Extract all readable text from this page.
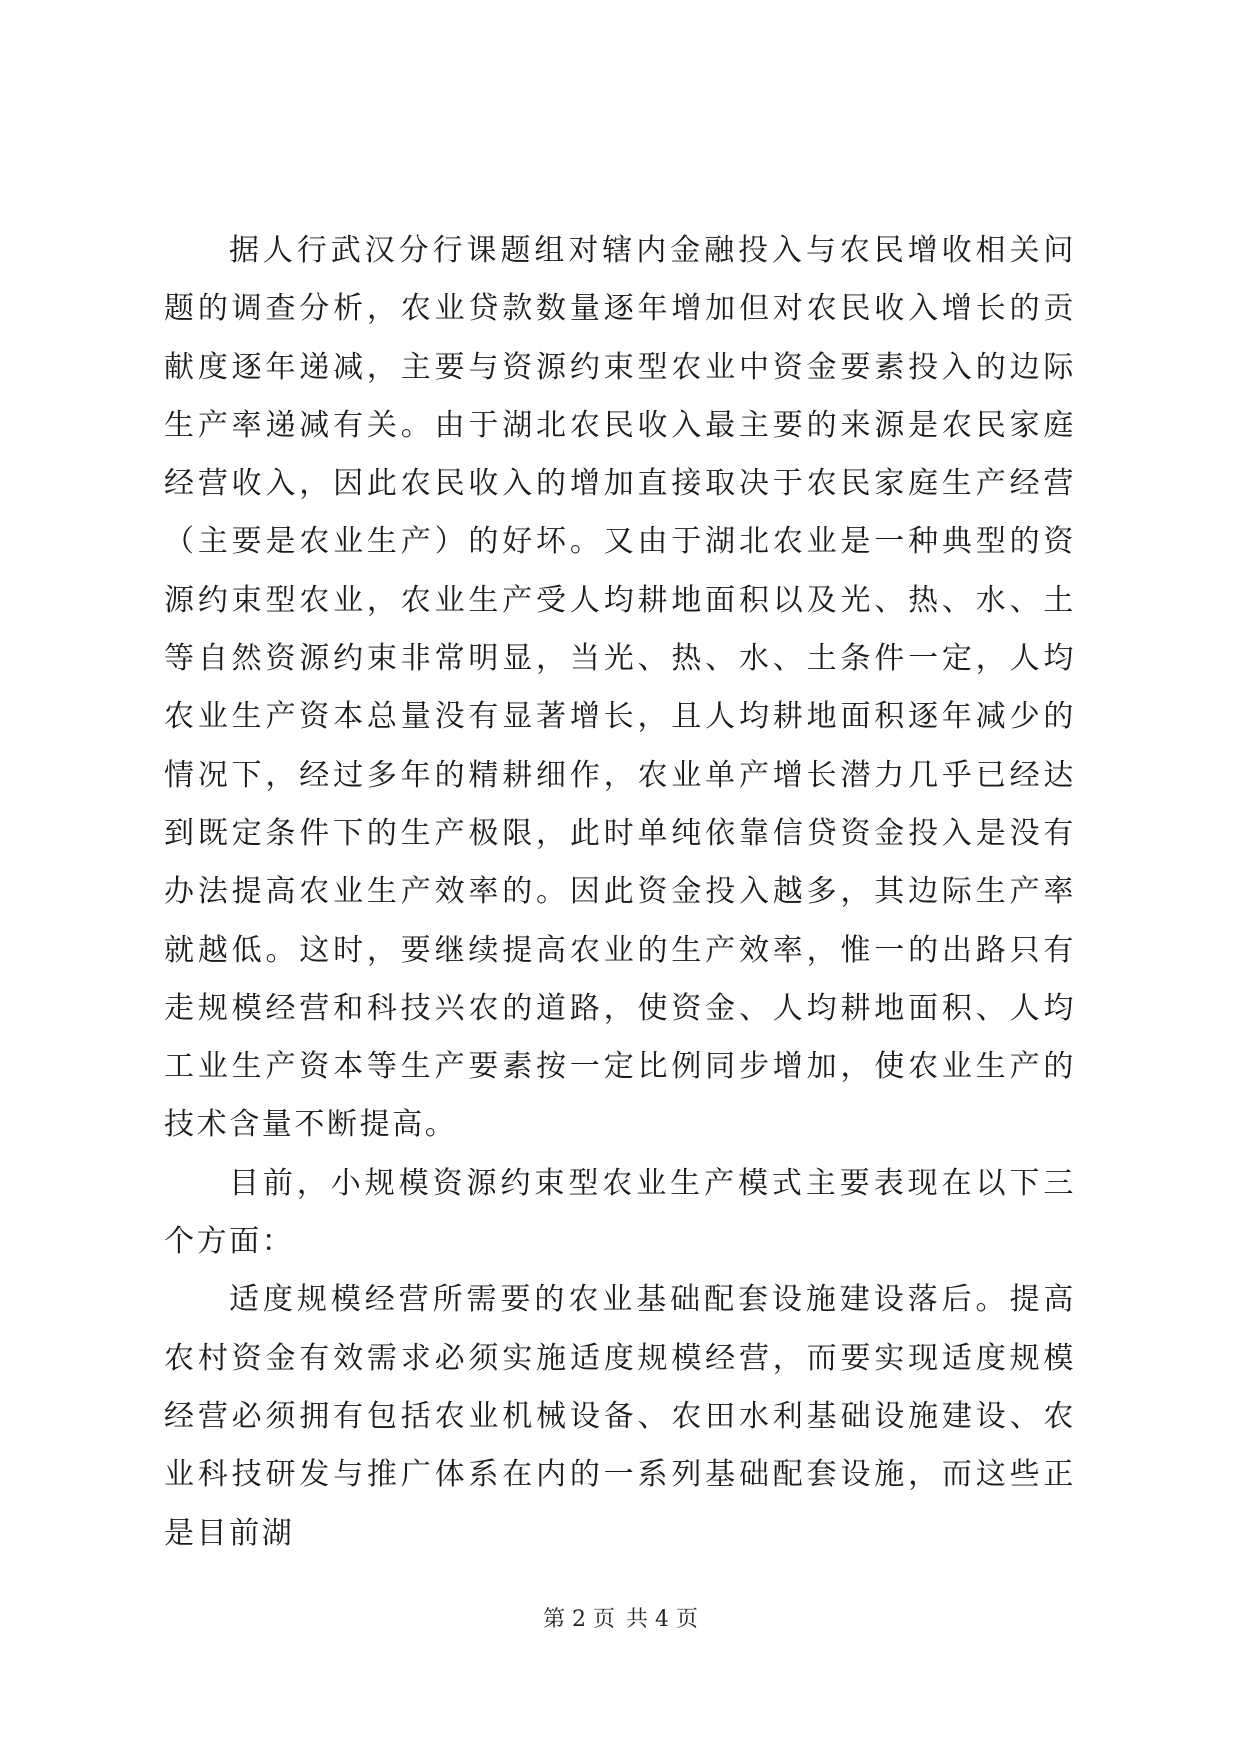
据人行武汉分行课题组对辖内金融投入与农民增收相关问题的调查分析，农业贷款数量逐年增加但对农民收入增长的贡献度逐年递减，主要与资源约束型农业中资金要素投入的边际生产率递减有关。由于湖北农民收入最主要的来源是农民家庭经营收入，因此农民收入的增加直接取决于农民家庭生产经营（主要是农业生产）的好坏。又由于湖北农业是一种典型的资源约束型农业，农业生产受人均耕地面积以及光、热、水、土等自然资源约束非常明显，当光、热、水、土条件一定，人均农业生产资本总量没有显著增长，且人均耕地面积逐年减少的情况下，经过多年的精耕细作，农业单产增长潜力几乎已经达到既定条件下的生产极限，此时单纯依靠信贷资金投入是没有办法提高农业生产效率的。因此资金投入越多，其边际生产率就越低。这时，要继续提高农业的生产效率，惟一的出路只有走规模经营和科技兴农的道路，使资金、人均耕地面积、人均工业生产资本等生产要素按一定比例同步增加，使农业生产的技术含量不断提高。

目前，小规模资源约束型农业生产模式主要表现在以下三个方面：

适度规模经营所需要的农业基础配套设施建设落后。提高农村资金有效需求必须实施适度规模经营，而要实现适度规模经营必须拥有包括农业机械设备、农田水利基础设施建设、农业科技研发与推广体系在内的一系列基础配套设施，而这些正是目前湖

第 2 页 共 4 页
